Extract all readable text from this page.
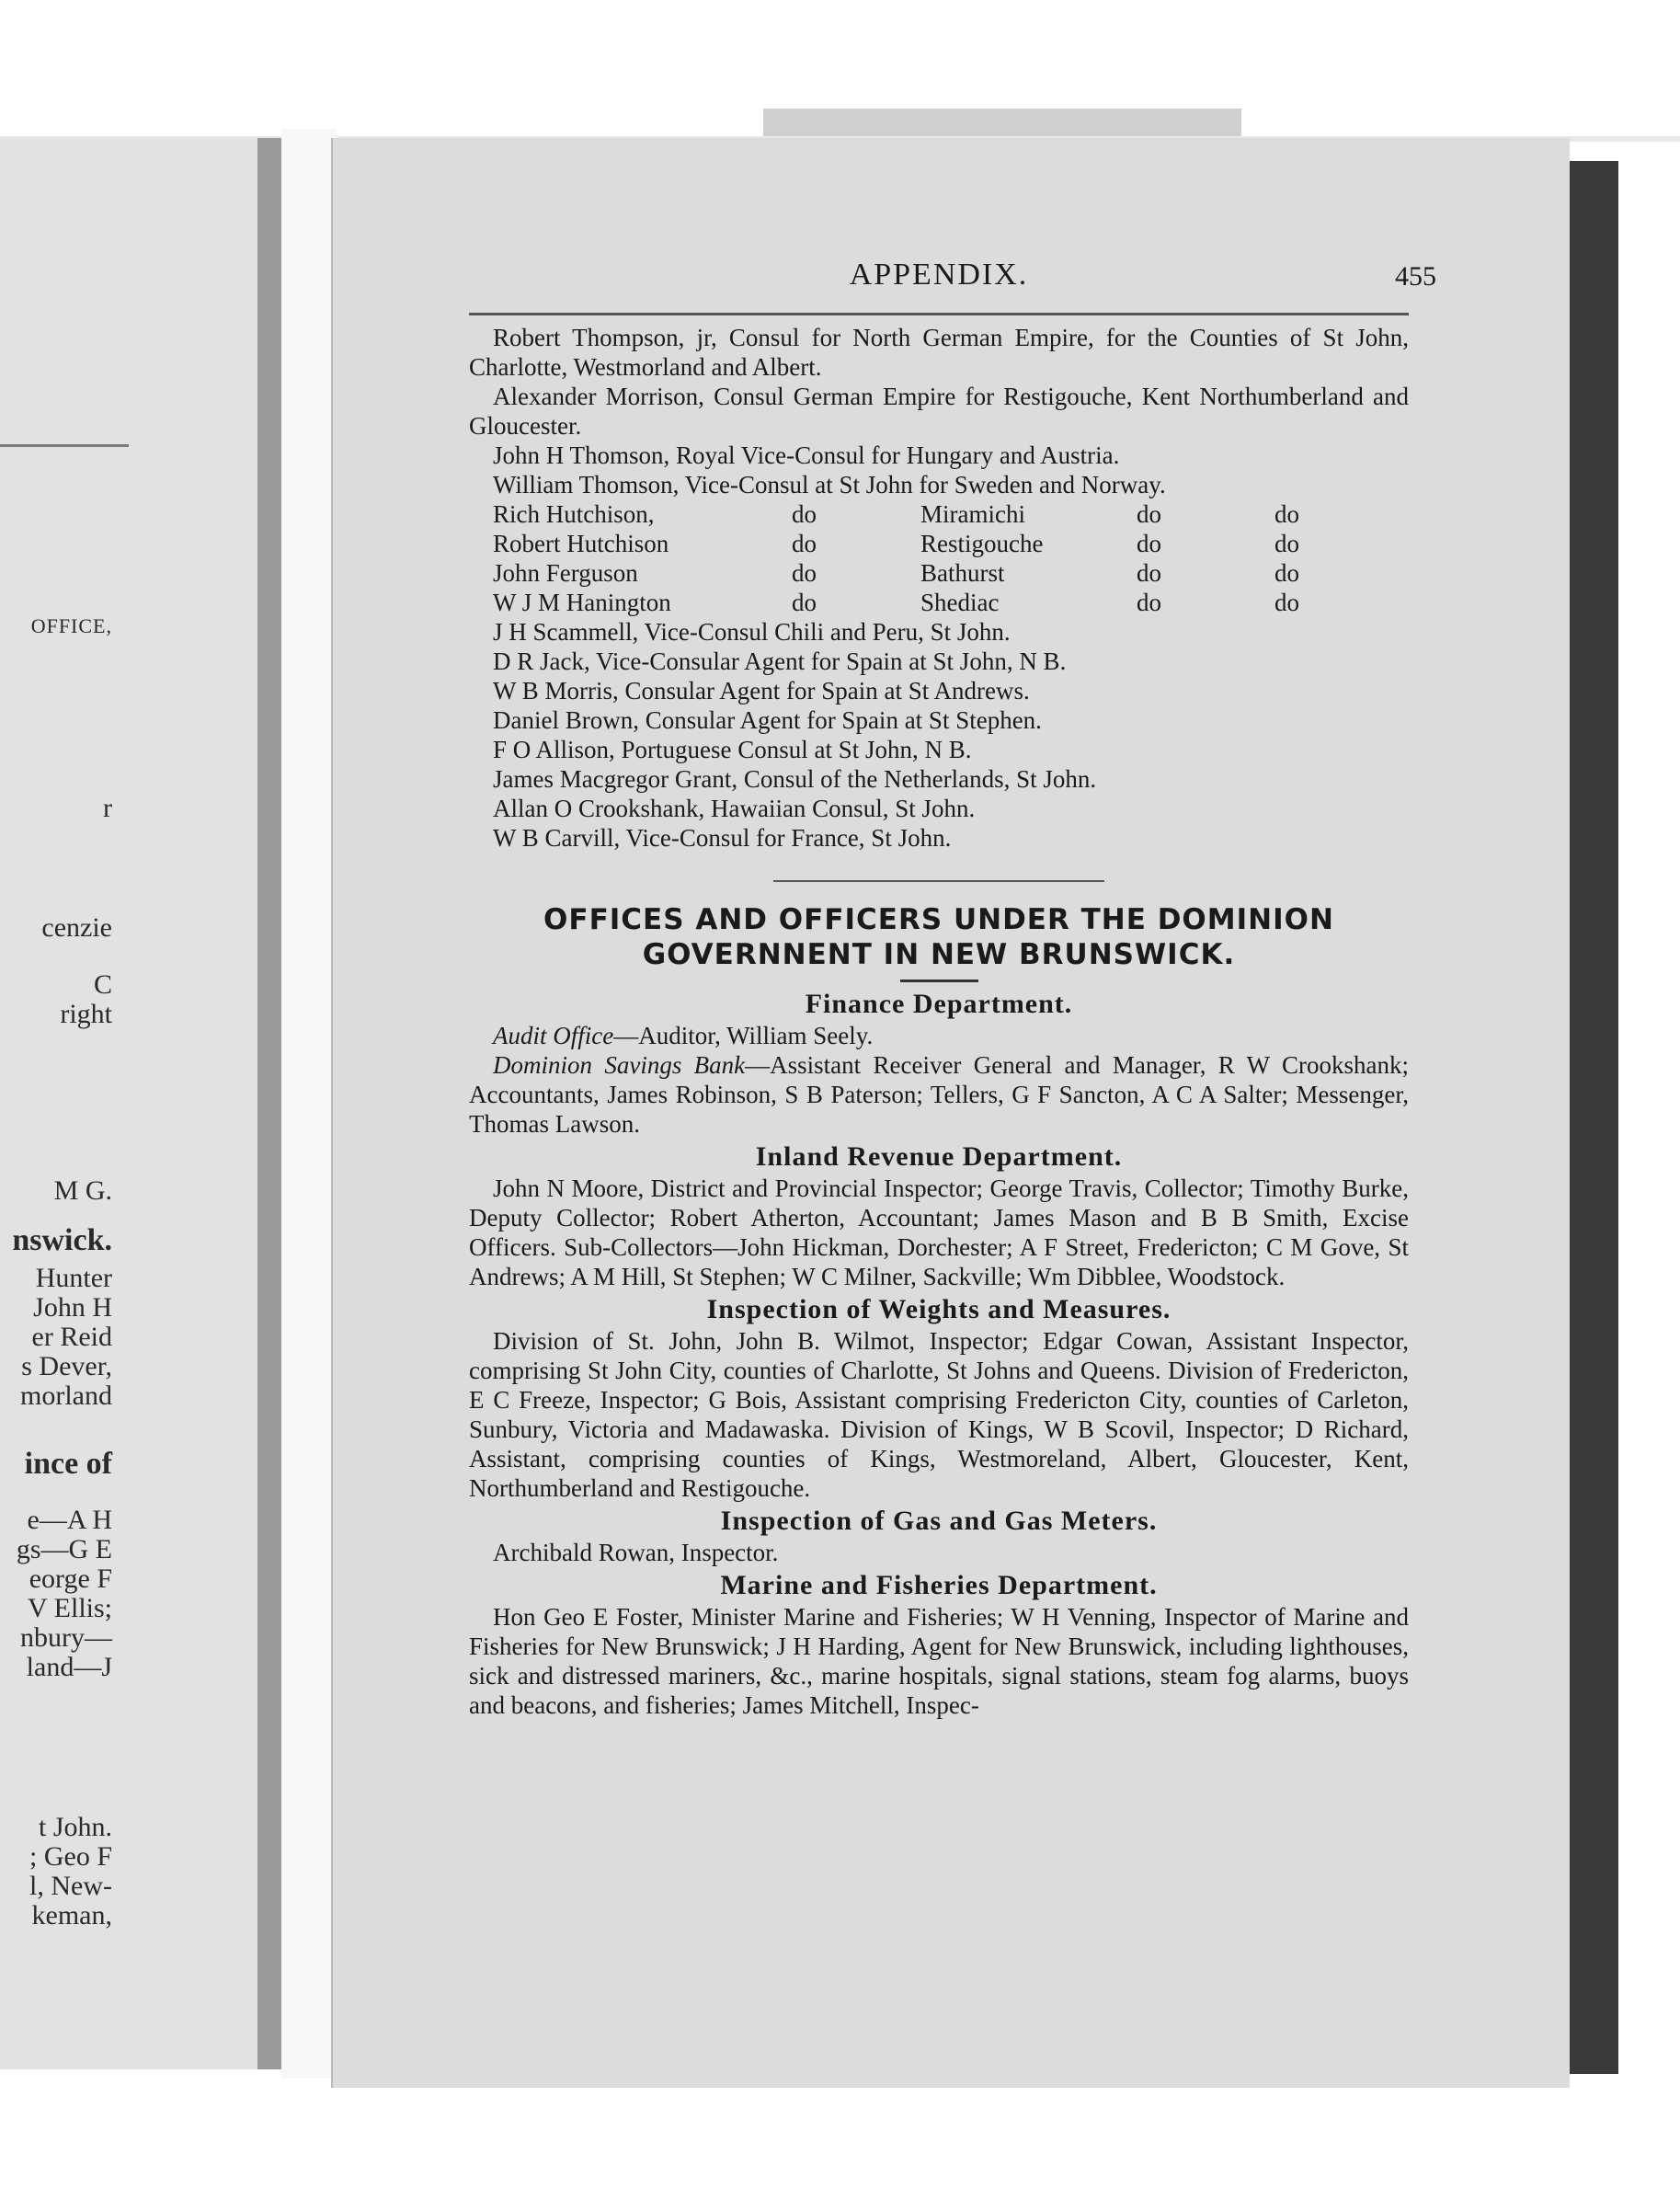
OFFICE,
r
cenzie
C
right
M G.
nswick.
Hunter
John H
er Reid
s Dever,
morland
ince of
e—A H
gs—G E
eorge F
V Ellis;
nbury—
land—J
t John.
; Geo F
l, New-
keman,
APPENDIX.	455

Robert Thompson, jr, Consul for North German Empire, for the Counties of St John, Charlotte, Westmorland and Albert.

Alexander Morrison, Consul German Empire for Restigouche, Kent Northumberland and Gloucester.

John H Thomson, Royal Vice-Consul for Hungary and Austria.
William Thomson, Vice-Consul at St John for Sweden and Norway.
Rich Hutchison,	do	Miramichi	do	do
Robert Hutchison	do	Restigouche	do	do
John Ferguson	do	Bathurst	do	do
W J M Hanington	do	Shediac	do	do
J H Scammell, Vice-Consul Chili and Peru, St John.
D R Jack, Vice-Consular Agent for Spain at St John, N B.
W B Morris, Consular Agent for Spain at St Andrews.
Daniel Brown, Consular Agent for Spain at St Stephen.
F O Allison, Portuguese Consul at St John, N B.
James Macgregor Grant, Consul of the Netherlands, St John.
Allan O Crookshank, Hawaiian Consul, St John.
W B Carvill, Vice-Consul for France, St John.
OFFICES AND OFFICERS UNDER THE DOMINION
GOVERNNENT IN NEW BRUNSWICK.
Finance Department.

Audit Office—Auditor, William Seely.

Dominion Savings Bank—Assistant Receiver General and Manager, R W Crookshank; Accountants, James Robinson, S B Paterson; Tellers, G F Sancton, A C A Salter; Messenger, Thomas Lawson.

Inland Revenue Department.

John N Moore, District and Provincial Inspector; George Travis, Collector; Timothy Burke, Deputy Collector; Robert Atherton, Accountant; James Mason and B B Smith, Excise Officers. Sub-Collectors—John Hickman, Dorchester; A F Street, Fredericton; C M Gove, St Andrews; A M Hill, St Stephen; W C Milner, Sackville; Wm Dibblee, Woodstock.

Inspection of Weights and Measures.

Division of St. John, John B. Wilmot, Inspector; Edgar Cowan, Assistant Inspector, comprising St John City, counties of Charlotte, St Johns and Queens. Division of Fredericton, E C Freeze, Inspector; G Bois, Assistant comprising Fredericton City, counties of Carleton, Sunbury, Victoria and Madawaska. Division of Kings, W B Scovil, Inspector; D Richard, Assistant, comprising counties of Kings, Westmoreland, Albert, Gloucester, Kent, Northumberland and Restigouche.

Inspection of Gas and Gas Meters.

Archibald Rowan, Inspector.

Marine and Fisheries Department.

Hon Geo E Foster, Minister Marine and Fisheries; W H Venning, Inspector of Marine and Fisheries for New Brunswick; J H Harding, Agent for New Brunswick, including lighthouses, sick and distressed mariners, &c., marine hospitals, signal stations, steam fog alarms, buoys and beacons, and fisheries; James Mitchell, Inspec-
